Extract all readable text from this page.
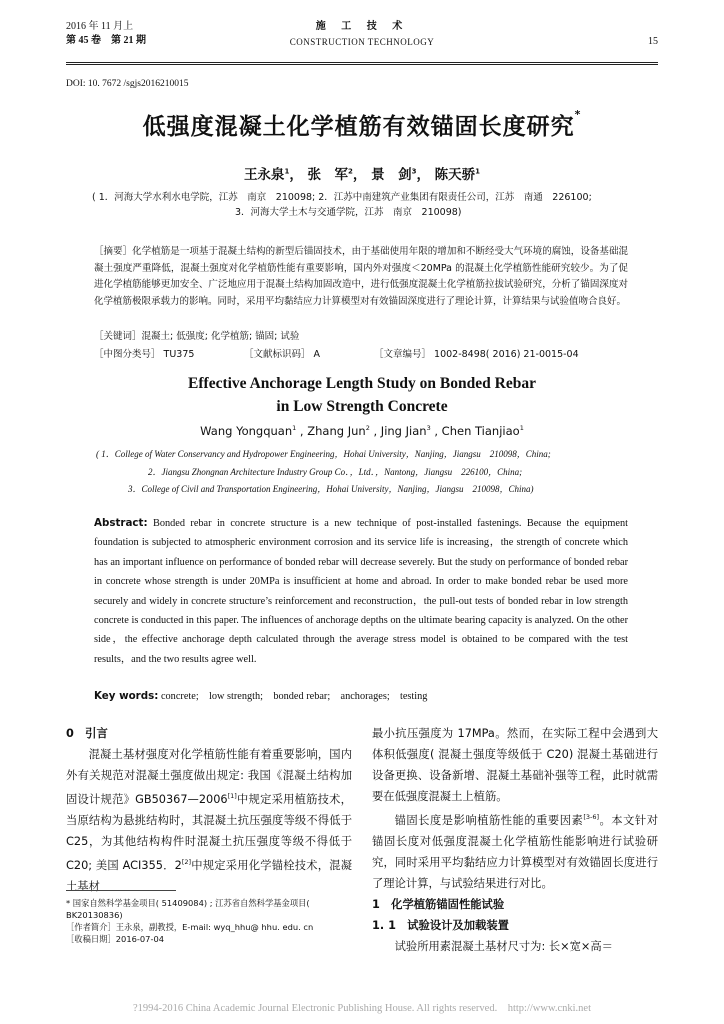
2016 年 11 月上
第 45 卷　第 21 期
施 工 技 术
CONSTRUCTION TECHNOLOGY	15
DOI: 10. 7672 /sgjs2016210015
低强度混凝土化学植筋有效锚固长度研究*
王永泉$^1$， 张　军$^2$， 景　剑$^3$， 陈天骄$^1$
( 1．河海大学水利水电学院，江苏　南京　210098; 2．江苏中南建筑产业集团有限责任公司，江苏　南通　226100;
3．河海大学土木与交通学院，江苏　南京　210098)
［摘要］化学植筋是一项基于混凝土结构的新型后锚固技术，由于基础使用年限的增加和不断经受大气环境的腐蚀，设备基础混凝土强度严重降低，混凝土强度对化学植筋性能有重要影响，国内外对强度＜20MPa 的混凝土化学植筋性能研究较少。为了促进化学植筋能够更加安全、广泛地应用于混凝土结构加固改造中，进行低强度混凝土化学植筋拉拔试验研究，分析了锚固深度对化学植筋极限承载力的影响。同时，采用平均黏结应力计算模型对有效锚固深度进行了理论计算，计算结果与试验值吻合良好。
［关键词］混凝土; 低强度; 化学植筋; 锚固; 试验
［中图分类号］ TU375	［文献标识码］ A	［文章编号］ 1002-8498( 2016) 21-0015-04
Effective Anchorage Length Study on Bonded Rebar
in Low Strength Concrete
Wang Yongquan$^1$ , Zhang Jun$^2$ , Jing Jian$^3$ , Chen Tianjiao$^1$
( 1．College of Water Conservancy and Hydropower Engineering，Hohai University，Nanjing，Jiangsu　210098，China;
2．Jiangsu Zhongnan Architecture Industry Group Co．，Ltd．，Nantong，Jiangsu　226100，China;
3．College of Civil and Transportation Engineering，Hohai University，Nanjing，Jiangsu　210098，China)
Abstract: Bonded rebar in concrete structure is a new technique of post-installed fastenings. Because the equipment foundation is subjected to atmospheric environment corrosion and its service life is increasing，the strength of concrete which has an important influence on performance of bonded rebar will decrease severely. But the study on performance of bonded rebar in concrete whose strength is under 20MPa is insufficient at home and abroad. In order to make bonded rebar be used more securely and widely in concrete structure’s reinforcement and reconstruction，the pull-out tests of bonded rebar in low strength concrete is conducted in this paper. The influences of anchorage depths on the ultimate bearing capacity is analyzed. On the other side，the effective anchorage depth calculated through the average stress model is obtained to be compared with the test results，and the two results agree well.
Key words: concrete;　low strength;　bonded rebar;　anchorages;　testing
0　引言
混凝土基材强度对化学植筋性能有着重要影响，国内外有关规范对混凝土强度做出规定: 我国《混凝土结构加固设计规范》GB50367—2006[1]中规定采用植筋技术，当原结构为悬挑结构时，其混凝土抗压强度等级不得低于 C25，为其他结构构件时混凝土抗压强度等级不得低于 C20; 美国 ACI355．2[2]中规定采用化学锚栓技术，混凝土基材
最小抗压强度为 17MPa。然而，在实际工程中会遇到大体积低强度( 混凝土强度等级低于 C20) 混凝土基础进行设备更换、设备新增、混凝土基础补强等工程，此时就需要在低强度混凝土上植筋。
锚固长度是影响植筋性能的重要因素[3-6]。本文针对锚固长度对低强度混凝土化学植筋性能影响进行试验研究，同时采用平均黏结应力计算模型对有效锚固长度进行了理论计算，与试验结果进行对比。
1　化学植筋锚固性能试验
1. 1　试验设计及加载装置
试验所用素混凝土基材尺寸为: 长×宽×高＝
* 国家自然科学基金项目( 51409084) ; 江苏省自然科学基金项目( BK20130836)
［作者简介］王永泉，副教授，E-mail: wyq_hhu@ hhu. edu. cn
［收稿日期］2016-07-04
?1994-2016 China Academic Journal Electronic Publishing House. All rights reserved.　http://www.cnki.net
